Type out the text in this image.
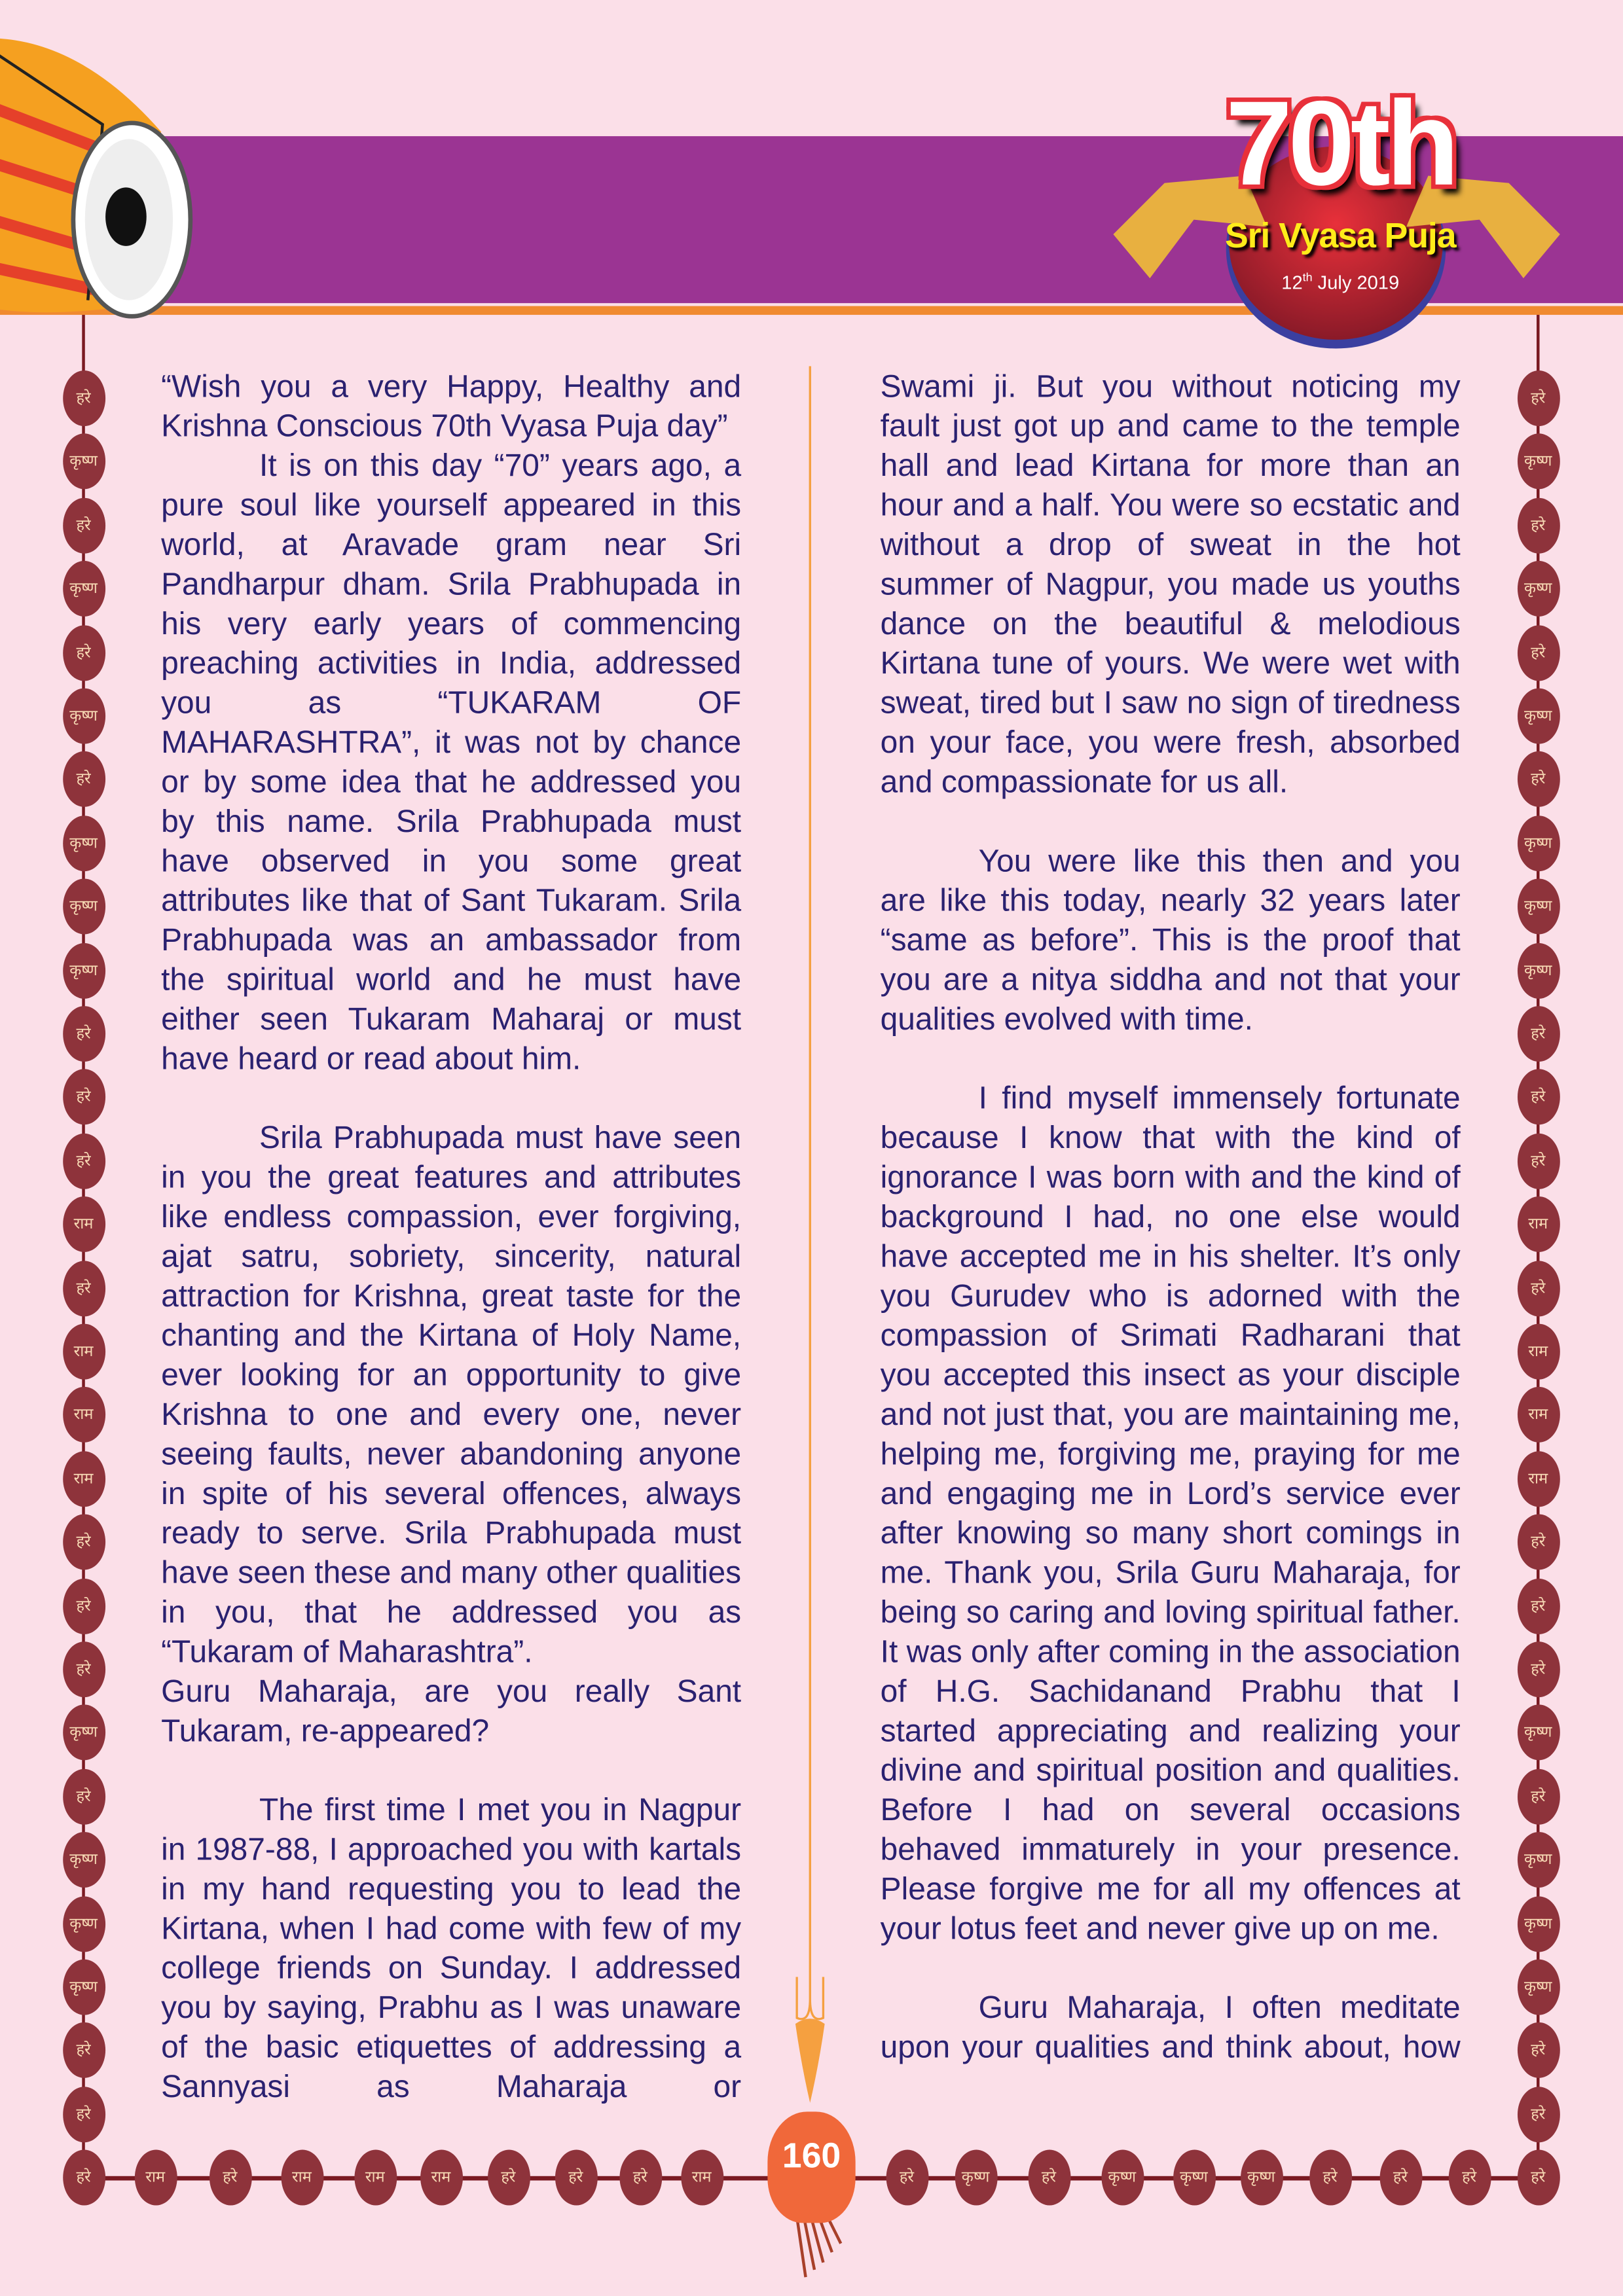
70th
Sri Vyasa Puja
12th July 2019
हरे	हरे
कृष्ण	कृष्ण
हरे	हरे
कृष्ण	कृष्ण
हरे	हरे
कृष्ण	कृष्ण
हरे	हरे
कृष्ण	कृष्ण
कृष्ण	कृष्ण
कृष्ण	कृष्ण
हरे	हरे
हरे	हरे
हरे	हरे
राम	राम
हरे	हरे
राम	राम
राम	राम
राम	राम
हरे	हरे
हरे	हरे
हरे	हरे
कृष्ण	कृष्ण
हरे	हरे
कृष्ण	कृष्ण
कृष्ण	कृष्ण
कृष्ण	कृष्ण
हरे	हरे
हरे	हरे
हरे	राम	हरे	राम	राम	राम	हरे	हरे	हरे	राम	हरे	कृष्ण	हरे	कृष्ण	कृष्ण	कृष्ण	हरे	हरे	हरे	हरे

“Wish you a very Happy, Healthy and Krishna Conscious 70th Vyasa Puja day”

It is on this day “70” years ago, a pure soul like yourself appeared in this world, at Aravade gram near Sri Pandharpur dham. Srila Prabhupada in his very early years of commencing preaching activities in India, addressed you as “TUKARAM OF MAHARASHTRA”, it was not by chance or by some idea that he addressed you by this name. Srila Prabhupada must have observed in you some great attributes like that of Sant Tukaram. Srila Prabhupada was an ambassador from the spiritual world and he must have either seen Tukaram Maharaj or must have heard or read about him.

Srila Prabhupada must have seen in you the great features and attributes like endless compassion, ever forgiving, ajat satru, sobriety, sincerity, natural attraction for Krishna, great taste for the chanting and the Kirtana of Holy Name, ever looking for an opportunity to give Krishna to one and every one, never seeing faults, never abandoning anyone in spite of his several offences, always ready to serve. Srila Prabhupada must have seen these and many other qualities in you, that he addressed you as “Tukaram of Maharashtra”.

Guru Maharaja, are you really Sant Tukaram, re-appeared?

The first time I met you in Nagpur in 1987-88, I approached you with kartals in my hand requesting you to lead the Kirtana, when I had come with few of my college friends on Sunday. I addressed you by saying, Prabhu as I was unaware of the basic etiquettes of addressing a Sannyasi as Maharaja or

Swami ji. But you without noticing my fault just got up and came to the temple hall and lead Kirtana for more than an hour and a half. You were so ecstatic and without a drop of sweat in the hot summer of Nagpur, you made us youths dance on the beautiful & melodious Kirtana tune of yours. We were wet with sweat, tired but I saw no sign of tiredness on your face, you were fresh, absorbed and compassionate for us all.

You were like this then and you are like this today, nearly 32 years later “same as before”. This is the proof that you are a nitya siddha and not that your qualities evolved with time.

I find myself immensely fortunate because I know that with the kind of ignorance I was born with and the kind of background I had, no one else would have accepted me in his shelter. It’s only you Gurudev who is adorned with the compassion of Srimati Radharani that you accepted this insect as your disciple and not just that, you are maintaining me, helping me, forgiving me, praying for me and engaging me in Lord’s service ever after knowing so many short comings in me. Thank you, Srila Guru Maharaja, for being so caring and loving spiritual father. It was only after coming in the association of H.G. Sachidanand Prabhu that I started appreciating and realizing your divine and spiritual position and qualities. Before I had on several occasions behaved immaturely in your presence. Please forgive me for all my offences at your lotus feet and never give up on me.

Guru Maharaja, I often meditate upon your qualities and think about, how

160
